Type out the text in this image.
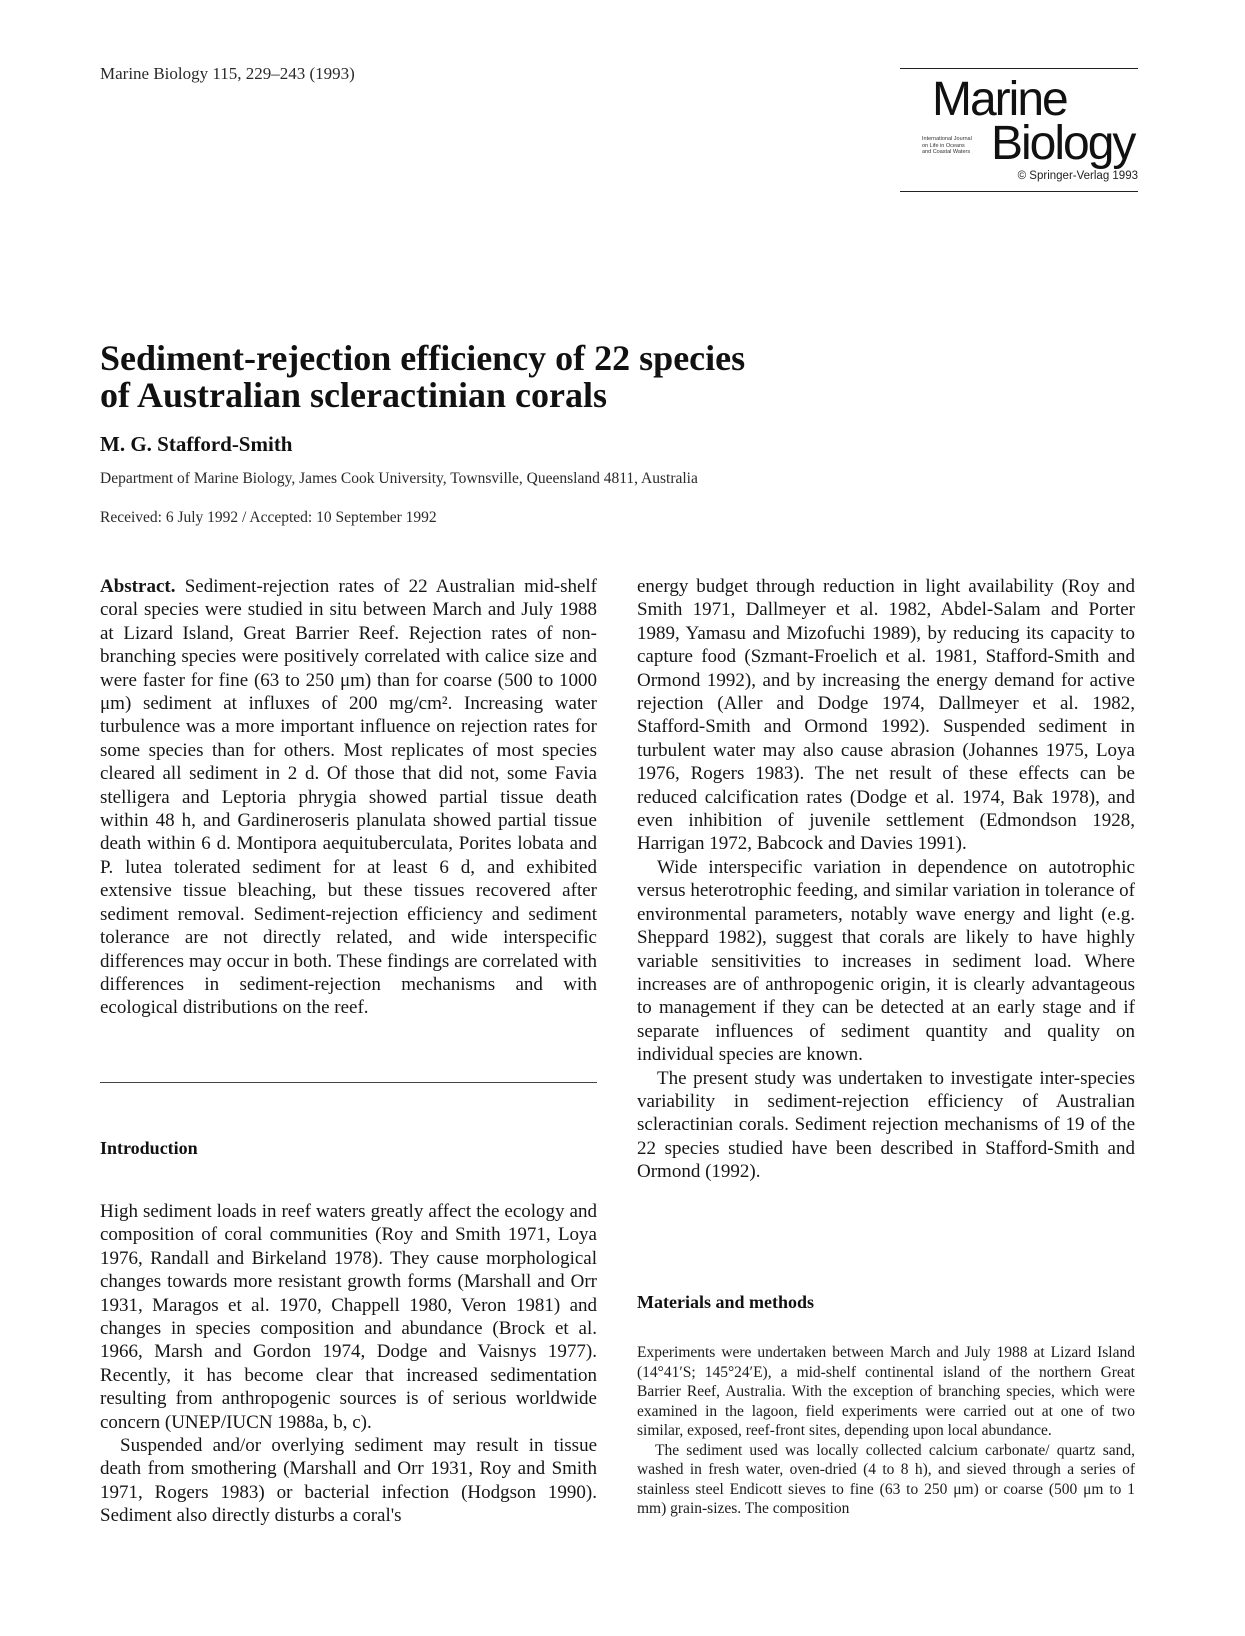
Marine Biology 115, 229–243 (1993)	Marine
International Journal
on Life in Oceans
and Coastal Waters Biology
© Springer-Verlag 1993
Sediment-rejection efficiency of 22 species
of Australian scleractinian corals
M. G. Stafford-Smith
Department of Marine Biology, James Cook University, Townsville, Queensland 4811, Australia
Received: 6 July 1992 / Accepted: 10 September 1992

Abstract. Sediment-rejection rates of 22 Australian mid-shelf coral species were studied in situ between March and July 1988 at Lizard Island, Great Barrier Reef. Rejection rates of non-branching species were positively correlated with calice size and were faster for fine (63 to 250 μm) than for coarse (500 to 1000 μm) sediment at influxes of 200 mg/cm². Increasing water turbulence was a more important influence on rejection rates for some species than for others. Most replicates of most species cleared all sediment in 2 d. Of those that did not, some Favia stelligera and Leptoria phrygia showed partial tissue death within 48 h, and Gardineroseris planulata showed partial tissue death within 6 d. Montipora aequituberculata, Porites lobata and P. lutea tolerated sediment for at least 6 d, and exhibited extensive tissue bleaching, but these tissues recovered after sediment removal. Sediment-rejection efficiency and sediment tolerance are not directly related, and wide interspecific differences may occur in both. These findings are correlated with differences in sediment-rejection mechanisms and with ecological distributions on the reef.

Introduction

High sediment loads in reef waters greatly affect the ecology and composition of coral communities (Roy and Smith 1971, Loya 1976, Randall and Birkeland 1978). They cause morphological changes towards more resistant growth forms (Marshall and Orr 1931, Maragos et al. 1970, Chappell 1980, Veron 1981) and changes in species composition and abundance (Brock et al. 1966, Marsh and Gordon 1974, Dodge and Vaisnys 1977). Recently, it has become clear that increased sedimentation resulting from anthropogenic sources is of serious worldwide concern (UNEP/IUCN 1988a, b, c).

Suspended and/or overlying sediment may result in tissue death from smothering (Marshall and Orr 1931, Roy and Smith 1971, Rogers 1983) or bacterial infection (Hodgson 1990). Sediment also directly disturbs a coral's

energy budget through reduction in light availability (Roy and Smith 1971, Dallmeyer et al. 1982, Abdel-Salam and Porter 1989, Yamasu and Mizofuchi 1989), by reducing its capacity to capture food (Szmant-Froelich et al. 1981, Stafford-Smith and Ormond 1992), and by increasing the energy demand for active rejection (Aller and Dodge 1974, Dallmeyer et al. 1982, Stafford-Smith and Ormond 1992). Suspended sediment in turbulent water may also cause abrasion (Johannes 1975, Loya 1976, Rogers 1983). The net result of these effects can be reduced calcification rates (Dodge et al. 1974, Bak 1978), and even inhibition of juvenile settlement (Edmondson 1928, Harrigan 1972, Babcock and Davies 1991).

Wide interspecific variation in dependence on autotrophic versus heterotrophic feeding, and similar variation in tolerance of environmental parameters, notably wave energy and light (e.g. Sheppard 1982), suggest that corals are likely to have highly variable sensitivities to increases in sediment load. Where increases are of anthropogenic origin, it is clearly advantageous to management if they can be detected at an early stage and if separate influences of sediment quantity and quality on individual species are known.

The present study was undertaken to investigate inter-species variability in sediment-rejection efficiency of Australian scleractinian corals. Sediment rejection mechanisms of 19 of the 22 species studied have been described in Stafford-Smith and Ormond (1992).

Materials and methods

Experiments were undertaken between March and July 1988 at Lizard Island (14°41′S; 145°24′E), a mid-shelf continental island of the northern Great Barrier Reef, Australia. With the exception of branching species, which were examined in the lagoon, field experiments were carried out at one of two similar, exposed, reef-front sites, depending upon local abundance.

The sediment used was locally collected calcium carbonate/ quartz sand, washed in fresh water, oven-dried (4 to 8 h), and sieved through a series of stainless steel Endicott sieves to fine (63 to 250 μm) or coarse (500 μm to 1 mm) grain-sizes. The composition
